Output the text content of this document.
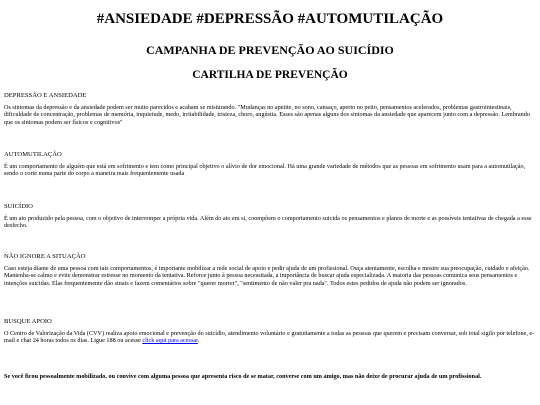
#ANSIEDADE #DEPRESSÃO #AUTOMUTILAÇÃO
CAMPANHA DE PREVENÇÃO AO SUICÍDIO
CARTILHA DE PREVENÇÃO

DEPRESSÃO E ANSIEDADE

Os sintomas da depressão e da ansiedade podem ser muito parecidos e acabam se misturando. "Mudanças no apetite, no sono, cansaço, aperto no peito, pensamentos acelerados, problemas gastrointestinais, dificuldade de concentração, problemas de memória, inquietude, medo, irritabilidade, tristeza, choro, angústia. Esses são apenas alguns dos sintomas da ansiedade que aparecem junto com a depressão. Lembrando que os sintomas podem ser físicos e cognitivos"

AUTOMUTILAÇÃO

É um comportamento de alguém que está em sofrimento e tem como principal objetivo o alívio de dor emocional. Há uma grande variedade de métodos que as pessoas em sofrimento usam para a automutilação, sendo o corte numa parte do corpo a maneira mais frequentemente usada

SUICÍDIO

É um ato produzido pela pessoa, com o objetivo de interromper a própria vida. Além do ato em si, coompõem o comportamento suicida os pensamentos e planos de morte e as possíveis tentativas de chegada a esse desfecho.

NÃO IGNORE A SITUAÇÃO

Caso esteja diante de uma pessoa com tais comportamentos, é importante mobilizar a rede social de apoio e pedir ajuda de um profissional. Ouça atentamente, escolha e mostre sua preocupação, cuidado e afeição. Mantenha-se calmo e evite demonstrar estresse no momento da tentativa. Reforce junto à pessoa necessitada, a importância de buscar ajuda especializada. A maioria das pessoas comunica seus pensamentos e intenções suicidas. Elas frequentemente dão sinais e fazem comentários sobre "querer morrer", "sentimento de não valer pra nada". Todos estes pedidos de ajuda não podem ser ignorados.

BUSQUE APOIO

O Centro de Valorização da Vida (CVV) realiza apoio emocional e prevenção do suicídio, atendimento voluntário e gratuitamente a todas as pessoas que querem e precisam conversar, sob total sigilo por telefone, e-mail e chat 24 horas todos os dias. Ligue 188 ou acesse click aqui para acessar.

Se você ficou pessoalmente mobilizado, ou convive com alguma pessoa que apresenta risco de se matar, converse com um amigo, mas não deixe de procurar ajuda de um profissional.
